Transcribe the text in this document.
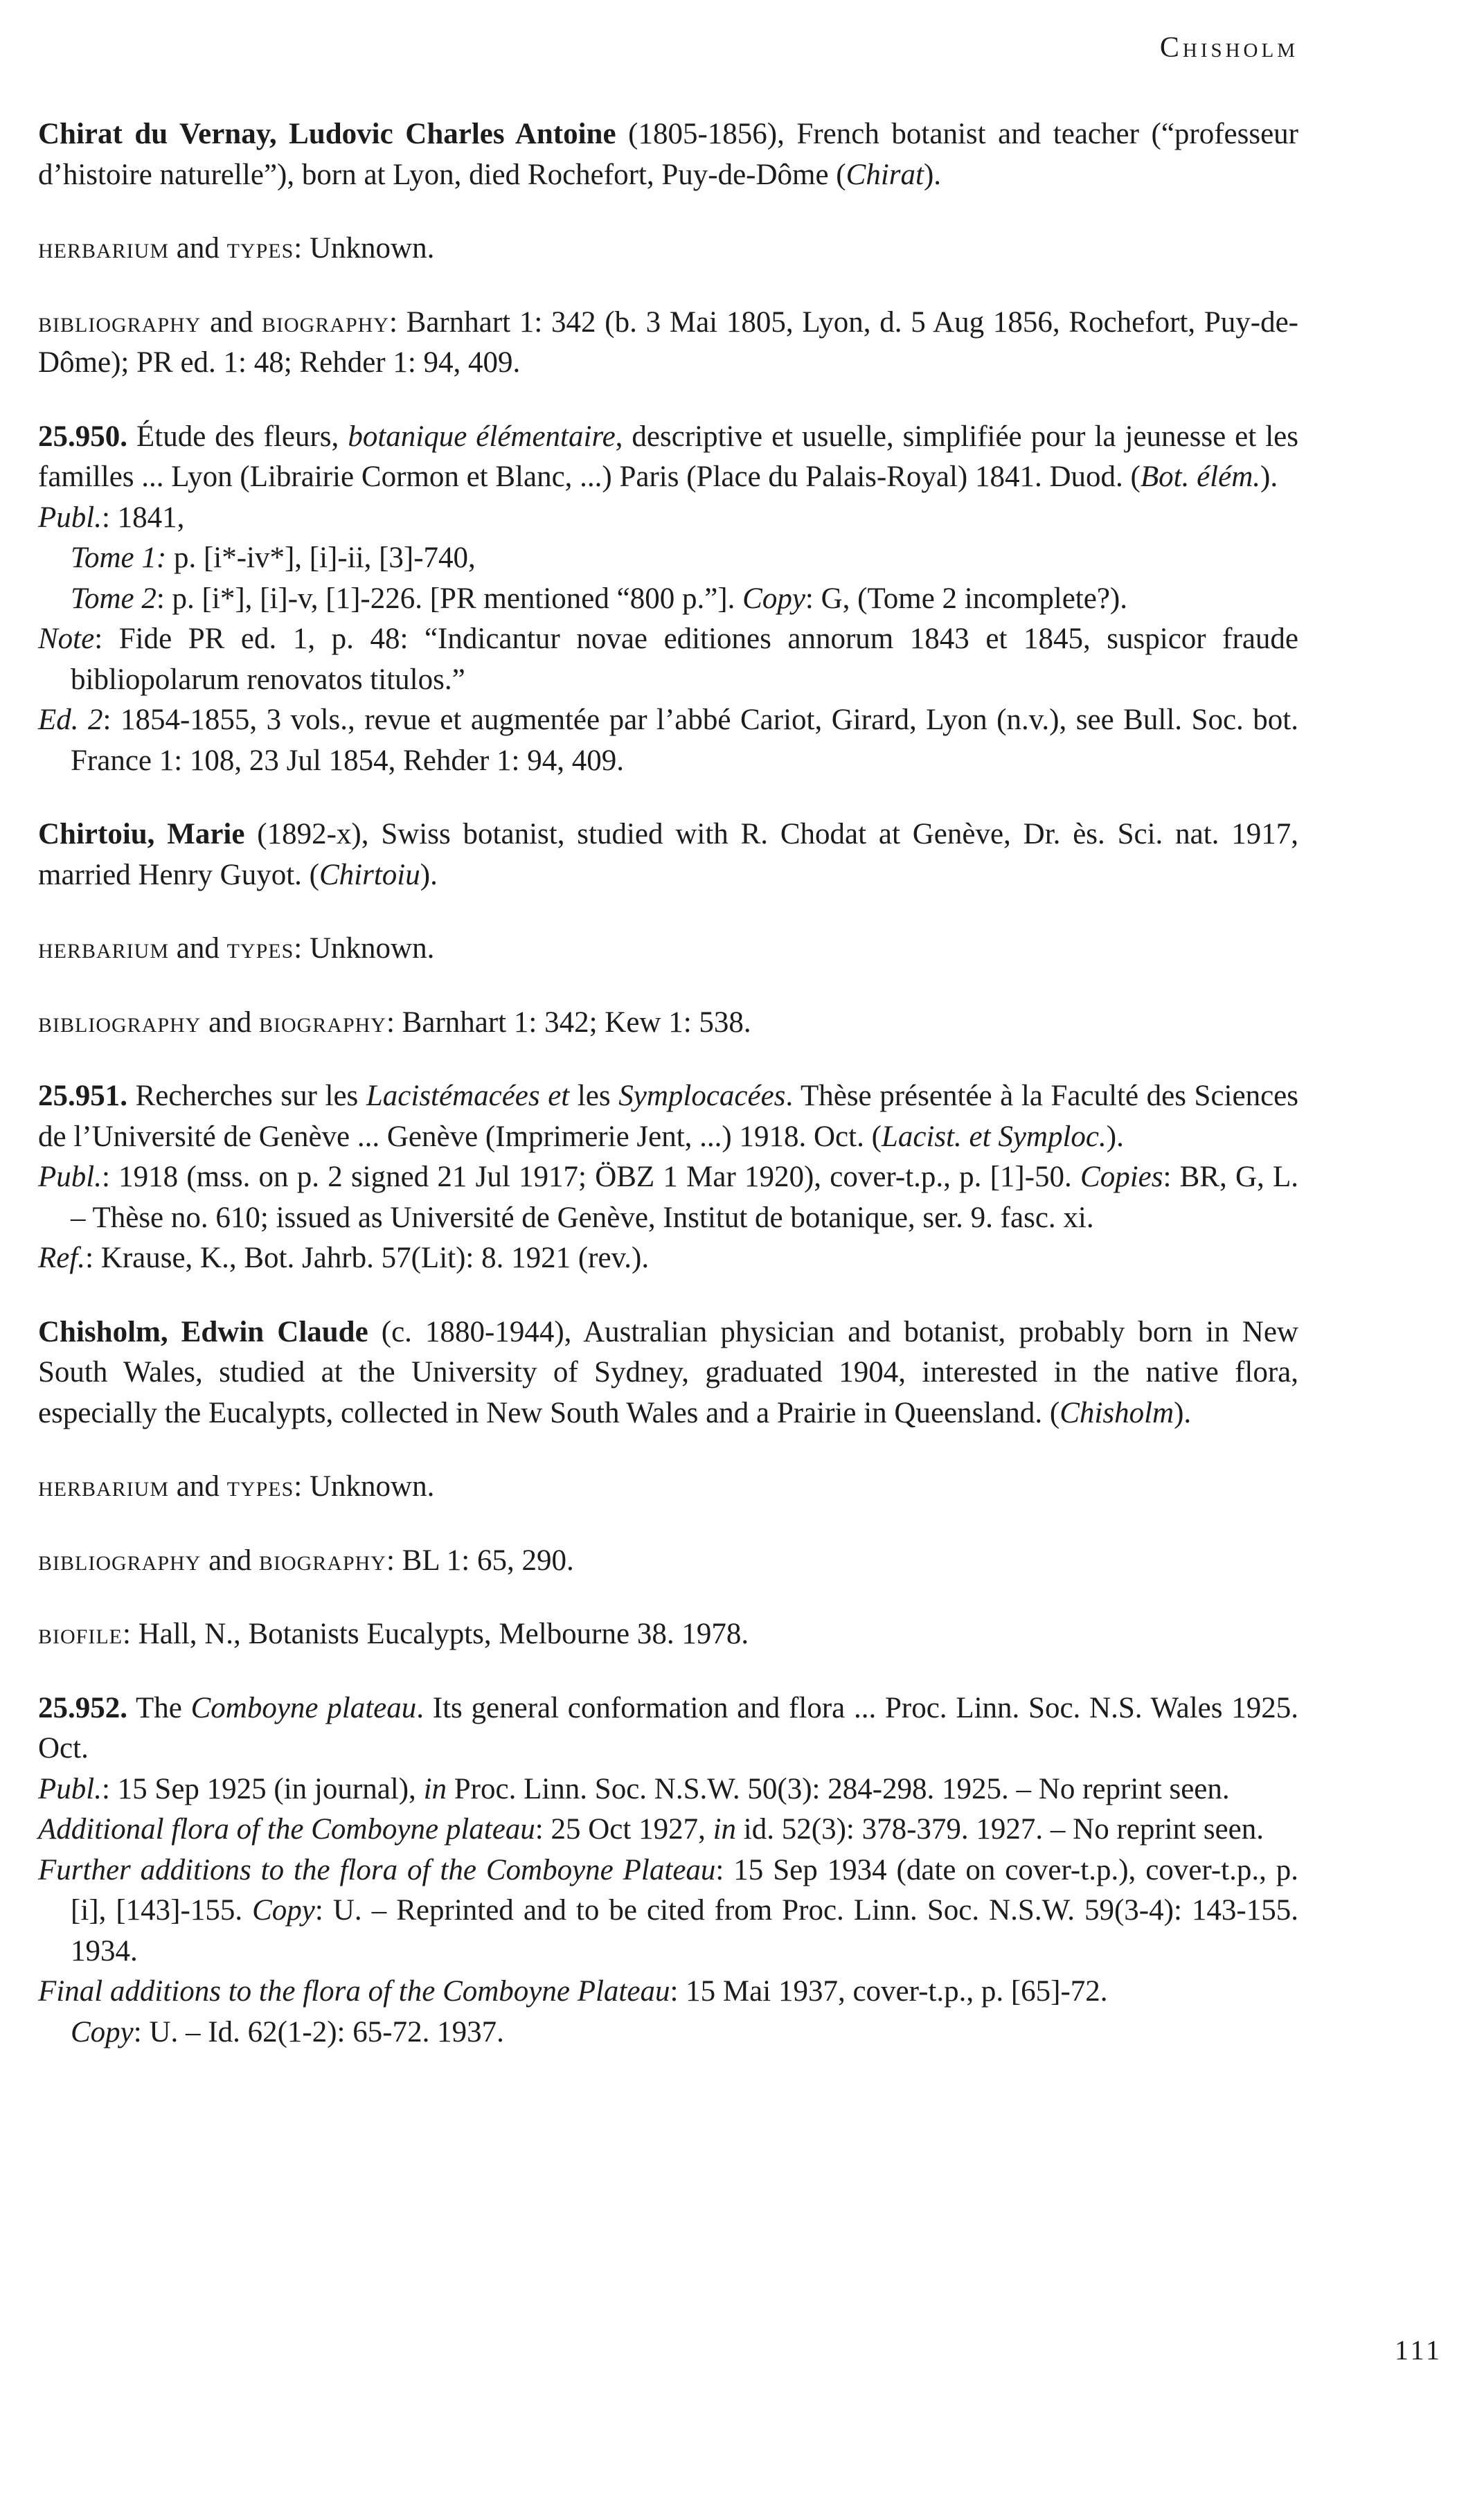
Chisholm

Chirat du Vernay, Ludovic Charles Antoine (1805-1856), French botanist and teacher (“professeur d’histoire naturelle”), born at Lyon, died Rochefort, Puy-de-Dôme (Chirat).

herbarium and types: Unknown.

bibliography and biography: Barnhart 1: 342 (b. 3 Mai 1805, Lyon, d. 5 Aug 1856, Rochefort, Puy-de-Dôme); PR ed. 1: 48; Rehder 1: 94, 409.

25.950. Étude des fleurs, botanique élémentaire, descriptive et usuelle, simplifiée pour la jeunesse et les familles ... Lyon (Librairie Cormon et Blanc, ...) Paris (Place du Palais-Royal) 1841. Duod. (Bot. élém.).

Publ.: 1841,

Tome 1: p. [i*-iv*], [i]-ii, [3]-740,

Tome 2: p. [i*], [i]-v, [1]-226. [PR mentioned “800 p.”]. Copy: G, (Tome 2 incomplete?).

Note: Fide PR ed. 1, p. 48: “Indicantur novae editiones annorum 1843 et 1845, suspicor fraude bibliopolarum renovatos titulos.”

Ed. 2: 1854-1855, 3 vols., revue et augmentée par l’abbé Cariot, Girard, Lyon (n.v.), see Bull. Soc. bot. France 1: 108, 23 Jul 1854, Rehder 1: 94, 409.

Chirtoiu, Marie (1892-x), Swiss botanist, studied with R. Chodat at Genève, Dr. ès. Sci. nat. 1917, married Henry Guyot. (Chirtoiu).

herbarium and types: Unknown.

bibliography and biography: Barnhart 1: 342; Kew 1: 538.

25.951. Recherches sur les Lacistémacées et les Symplocacées. Thèse présentée à la Faculté des Sciences de l’Université de Genève ... Genève (Imprimerie Jent, ...) 1918. Oct. (Lacist. et Symploc.).

Publ.: 1918 (mss. on p. 2 signed 21 Jul 1917; ÖBZ 1 Mar 1920), cover-t.p., p. [1]-50. Copies: BR, G, L. – Thèse no. 610; issued as Université de Genève, Institut de botanique, ser. 9. fasc. xi.

Ref.: Krause, K., Bot. Jahrb. 57(Lit): 8. 1921 (rev.).

Chisholm, Edwin Claude (c. 1880-1944), Australian physician and botanist, probably born in New South Wales, studied at the University of Sydney, graduated 1904, interested in the native flora, especially the Eucalypts, collected in New South Wales and a Prairie in Queensland. (Chisholm).

herbarium and types: Unknown.

bibliography and biography: BL 1: 65, 290.

biofile: Hall, N., Botanists Eucalypts, Melbourne 38. 1978.

25.952. The Comboyne plateau. Its general conformation and flora ... Proc. Linn. Soc. N.S. Wales 1925. Oct.

Publ.: 15 Sep 1925 (in journal), in Proc. Linn. Soc. N.S.W. 50(3): 284-298. 1925. – No reprint seen.

Additional flora of the Comboyne plateau: 25 Oct 1927, in id. 52(3): 378-379. 1927. – No reprint seen.

Further additions to the flora of the Comboyne Plateau: 15 Sep 1934 (date on cover-t.p.), cover-t.p., p. [i], [143]-155. Copy: U. – Reprinted and to be cited from Proc. Linn. Soc. N.S.W. 59(3-4): 143-155. 1934.

Final additions to the flora of the Comboyne Plateau: 15 Mai 1937, cover-t.p., p. [65]-72.
Copy: U. – Id. 62(1-2): 65-72. 1937.

111
